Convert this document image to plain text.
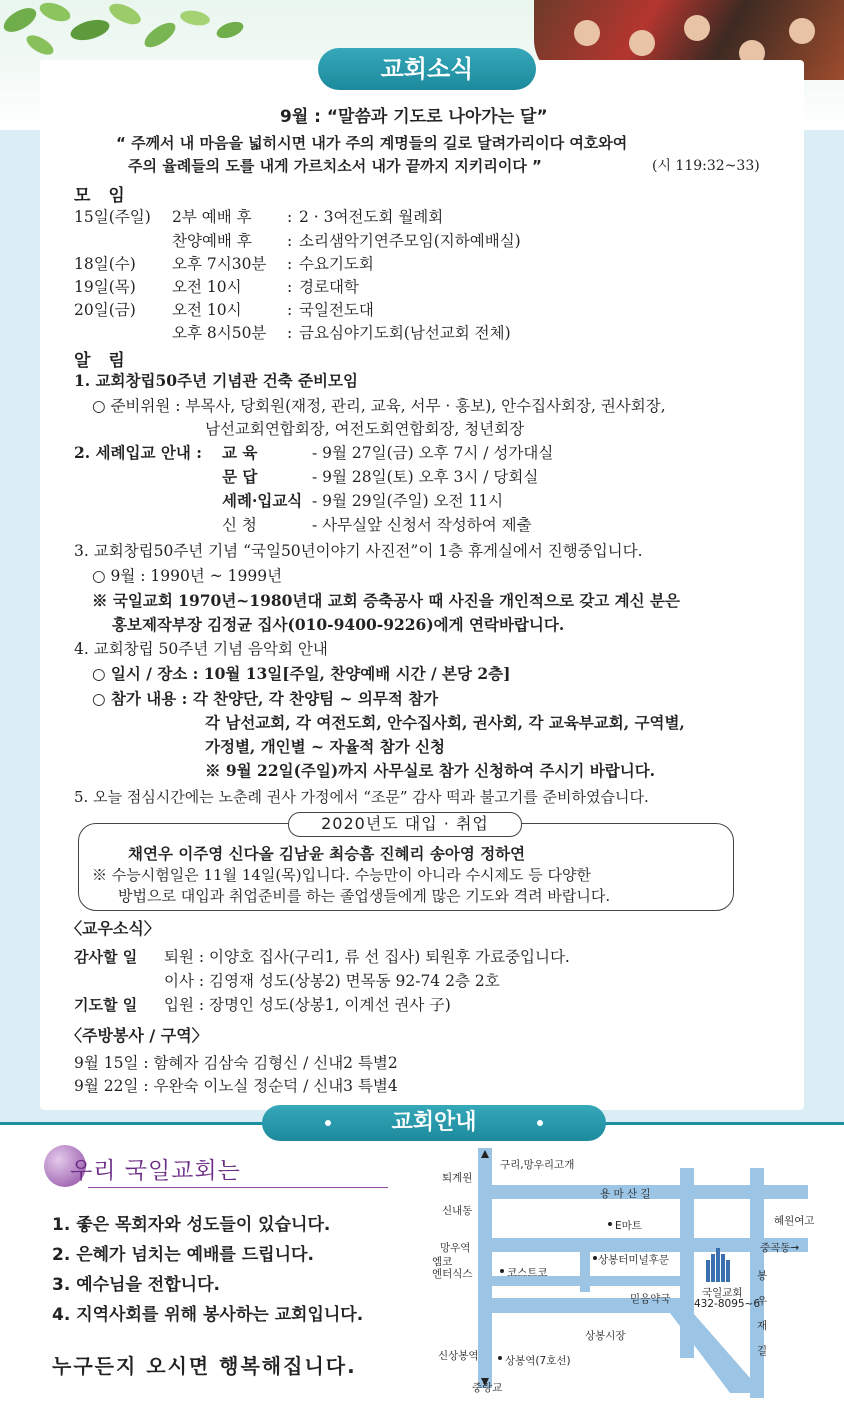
교회소식
9월 : “말씀과 기도로 나아가는 달”
“ 주께서 내 마음을 넓히시면 내가 주의 계명들의 길로 달려가리이다 여호와여
주의 율례들의 도를 내게 가르치소서 내가 끝까지 지키리이다 ”	(시 119:32~33)
모 임
15일(주일) 2부 예배 후 : 2 · 3여전도회 월례회
찬양예배 후 : 소리샘악기연주모임(지하예배실)
18일(수) 오후 7시30분 : 수요기도회
19일(목) 오전 10시	: 경로대학
20일(금) 오전 10시	: 국일전도대
오후 8시50분 : 금요심야기도회(남선교회 전체)
알 림
1. 교회창립50주년 기념관 건축 준비모임
○ 준비위원 : 부목사, 당회원(재정, 관리, 교육, 서무 · 홍보), 안수집사회장, 권사회장,
남선교회연합회장, 여전도회연합회장, 청년회장
2. 세례입교 안내 : 교 육	- 9월 27일(금) 오후 7시 / 성가대실
문 답	- 9월 28일(토) 오후 3시 / 당회실
세례·입교식 - 9월 29일(주일) 오전 11시
신 청	- 사무실앞 신청서 작성하여 제출
3. 교회창립50주년 기념 “국일50년이야기 사진전”이 1층 휴게실에서 진행중입니다.
○ 9월 : 1990년 ~ 1999년
※ 국일교회 1970년~1980년대 교회 증축공사 때 사진을 개인적으로 갖고 계신 분은
홍보제작부장 김정균 집사(010-9400-9226)에게 연락바랍니다.
4. 교회창립 50주년 기념 음악회 안내
○ 일시 / 장소 : 10월 13일[주일, 찬양예배 시간 / 본당 2층]
○ 참가 내용 : 각 찬양단, 각 찬양팀 ~ 의무적 참가
각 남선교회, 각 여전도회, 안수집사회, 권사회, 각 교육부교회, 구역별,
가정별, 개인별 ~ 자율적 참가 신청
※ 9월 22일(주일)까지 사무실로 참가 신청하여 주시기 바랍니다.
5. 오늘 점심시간에는 노춘례 권사 가정에서 “조문” 감사 떡과 불고기를 준비하였습니다.
2020년도 대입 · 취업
채연우 이주영 신다올 김남윤 최승흠 진혜리 송아영 정하연
※ 수능시험일은 11월 14일(목)입니다. 수능만이 아니라 수시제도 등 다양한
방법으로 대입과 취업준비를 하는 졸업생들에게 많은 기도와 격려 바랍니다.
〈교우소식〉
감사할 일 퇴원 : 이양호 집사(구리1, 류 선 집사) 퇴원후 가료중입니다.
이사 : 김영재 성도(상봉2) 면목동 92-74 2층 2호
기도할 일 입원 : 장명인 성도(상봉1, 이계선 권사 子)
〈주방봉사 / 구역〉
9월 15일 : 함혜자 김삼숙 김형신 / 신내2 특별2
9월 22일 : 우완숙 이노실 정순덕 / 신내3 특별4
교회안내
우리 국일교회는
1. 좋은 목회자와 성도들이 있습니다.
2. 은혜가 넘치는 예배를 드립니다.
3. 예수님을 전합니다.
4. 지역사회를 위해 봉사하는 교회입니다.
누구든지 오시면 행복해집니다.
구리,망우리고개
퇴계원
용 마 산 길
신내동
E마트	혜원여고
망우역	중곡동→
엠코
엔터식스	코스트코
상봉터미널후문
국일교회
432-8095~6
봉
우
재
길
믿음약국
상봉시장
신상봉역	상봉역(7호선)
중랑교
